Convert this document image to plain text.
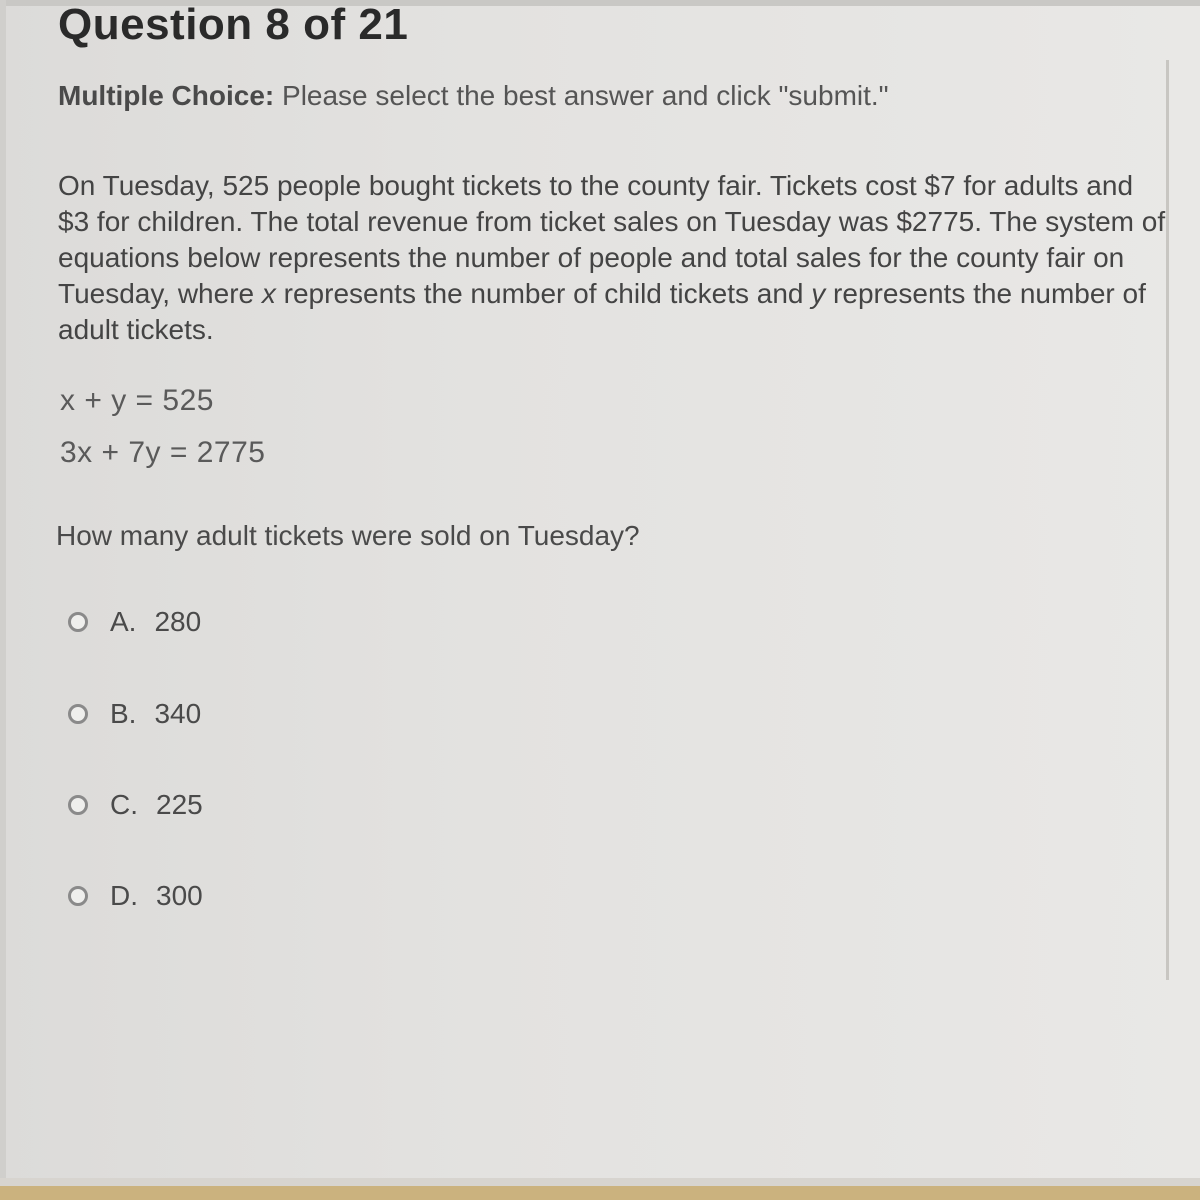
Question 8 of 21
Multiple Choice: Please select the best answer and click "submit."
On Tuesday, 525 people bought tickets to the county fair. Tickets cost $7 for adults and $3 for children. The total revenue from ticket sales on Tuesday was $2775. The system of equations below represents the number of people and total sales for the county fair on Tuesday, where x represents the number of child tickets and y represents the number of adult tickets.
x + y = 525
3x + 7y = 2775
How many adult tickets were sold on Tuesday?
A. 280
B. 340
C. 225
D. 300
